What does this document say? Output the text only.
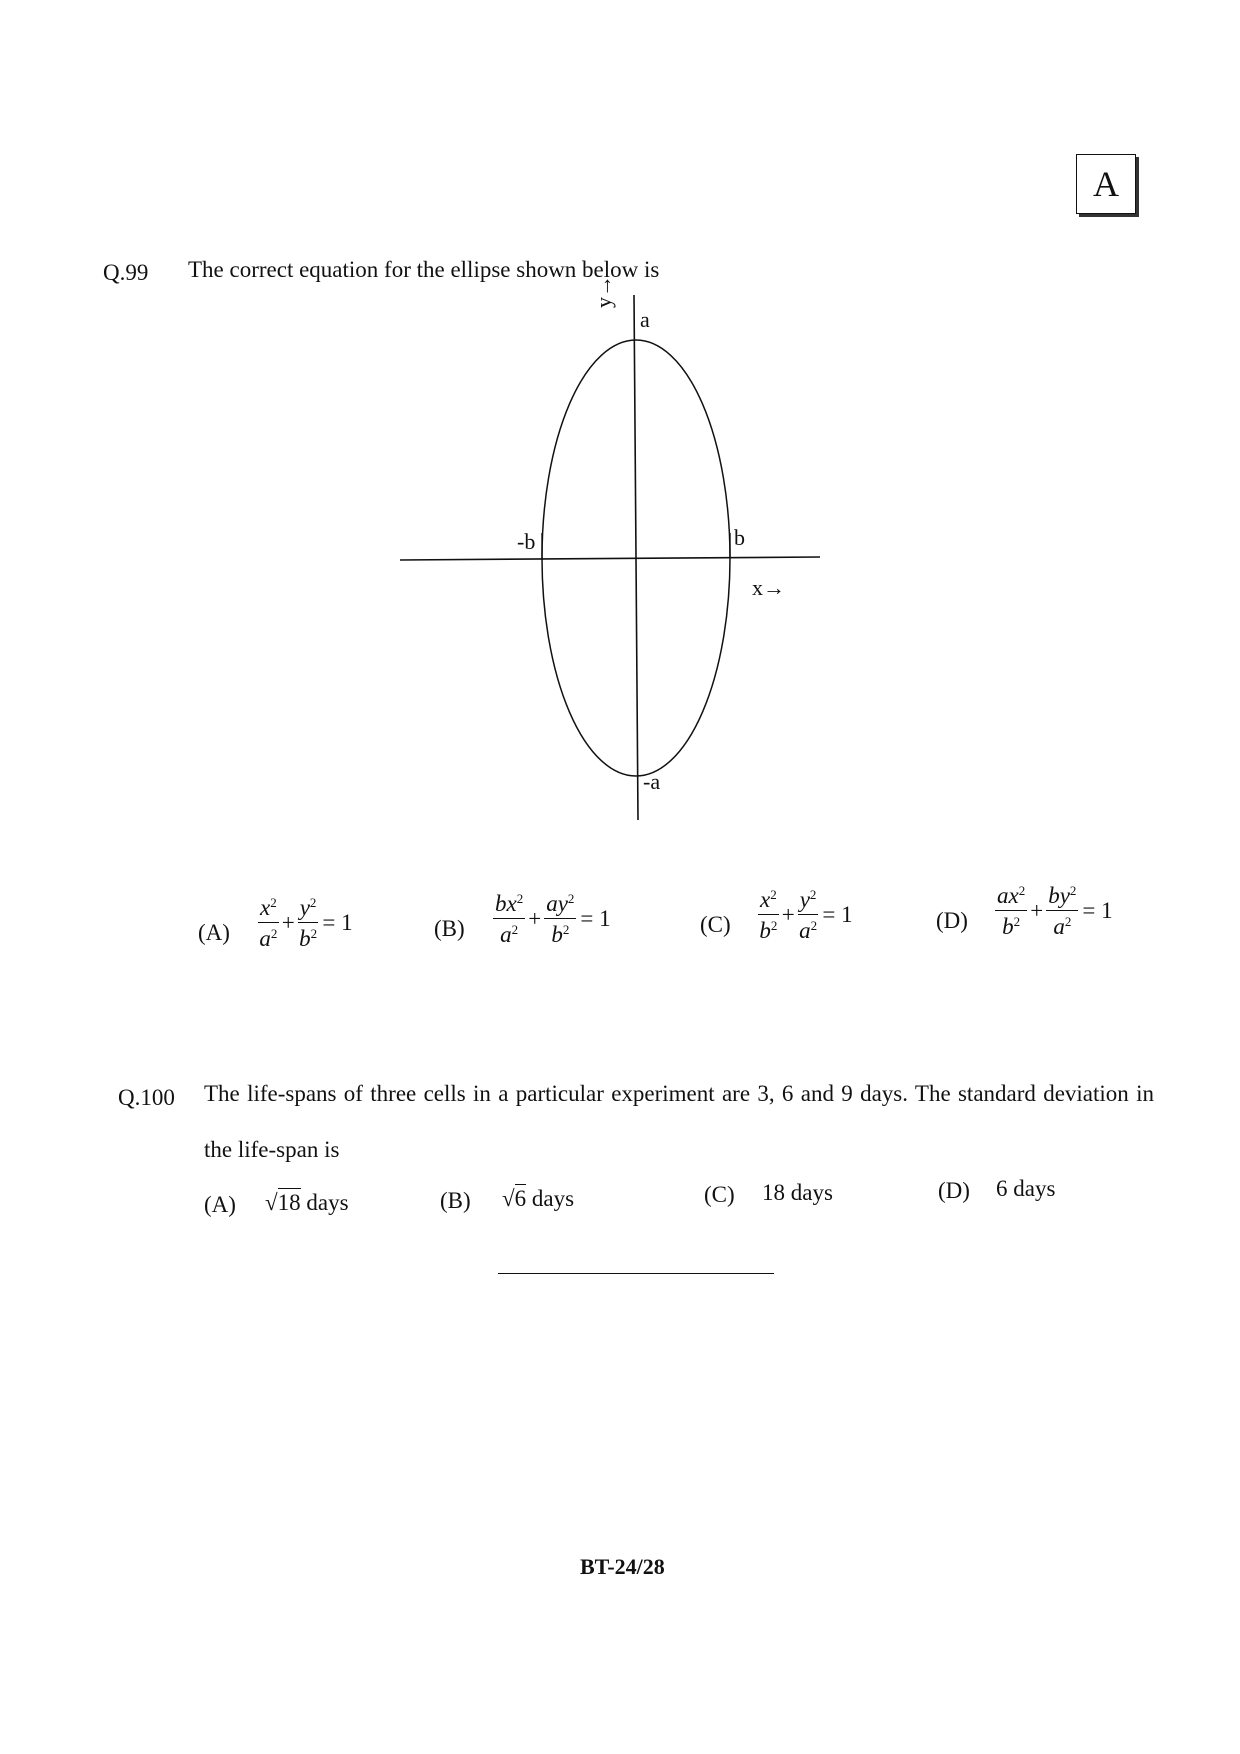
A
Q.99 The correct equation for the ellipse shown below is
y→
a
-a
-b	b
x→
$(A) \frac{x^2}{a^2} + \frac{y^2}{b^2} = 1$	$(B) \frac{bx^2}{a^2} + \frac{ay^2}{b^2} = 1$	$(C) \frac{x^2}{b^2} + \frac{y^2}{a^2} = 1$	$(D) \frac{ax^2}{b^2} + \frac{by^2}{a^2} = 1$
Q.100 The life-spans of three cells in a particular experiment are 3, 6 and 9 days. The standard deviation in the life-span is
(A) √18 days	(B) √6 days	(C) 18 days	(D) 6 days
BT-24/28
